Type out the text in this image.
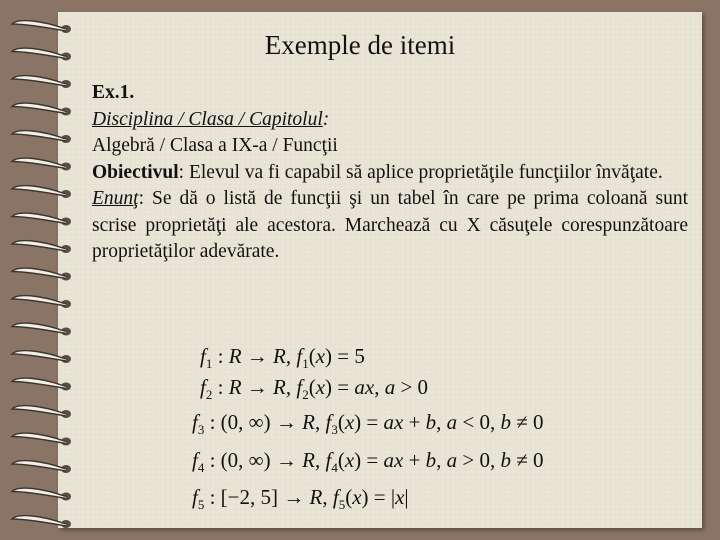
Exemple de itemi

Ex.1.

Disciplina / Clasa / Capitolul:

Algebră / Clasa a IX-a / Funcţii

Obiectivul: Elevul va fi capabil să aplice proprietăţile funcţiilor învăţate.

Enunţ: Se dă o listă de funcţii şi un tabel în care pe prima coloană sunt scrise proprietăţi ale acestora. Marchează cu X căsuţele corespunzătoare proprietăţilor adevărate.

$f_1$ : R → R, $f_1(x) = 5$
$f_2$ : R → R, $f_2(x)$ = ax, a > 0
$f_3$ : (0, ∞) → R, $f_3(x)$ = ax + b, a < 0, b ≠ 0
$f_4$ : (0, ∞) → R, $f_4(x)$ = ax + b, a > 0, b ≠ 0
$f_5$ : [−2, 5] → R, $f_5(x) = |x|$
